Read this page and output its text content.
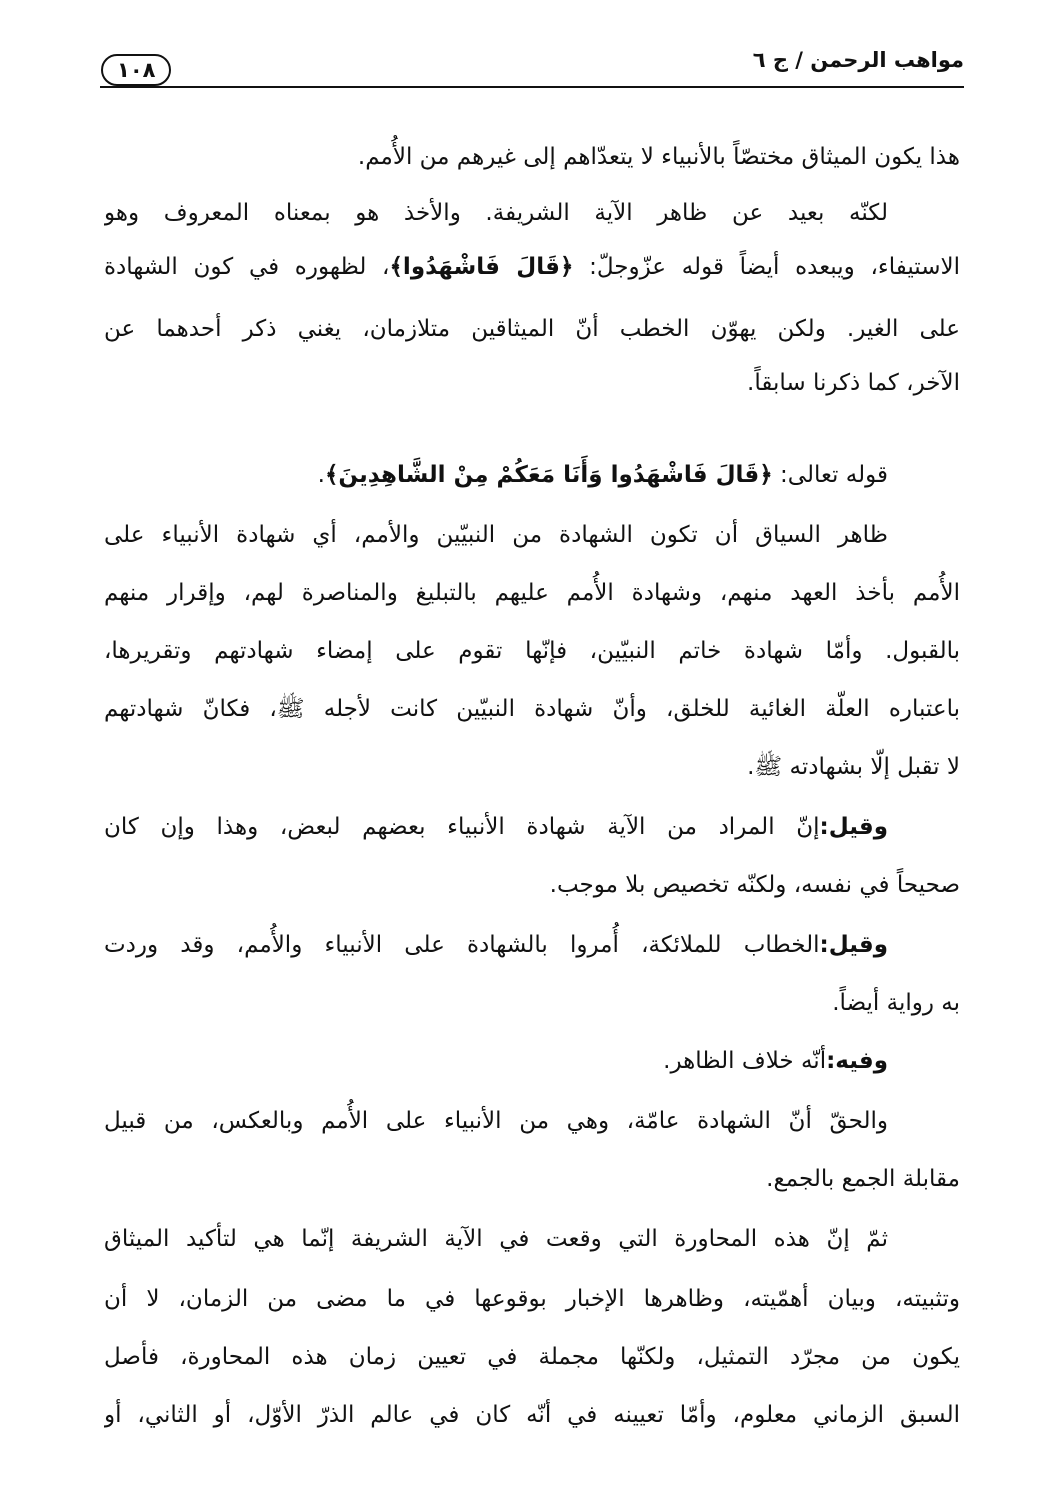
مواهب الرحمن / ج ٦
١٠٨
هذا يكون الميثاق مختصّاً بالأنبياء لا يتعدّاهم إلى غيرهم من الأُمم.
لكنّه بعيد عن ظاهر الآية الشريفة. والأخذ هو بمعناه المعروف وهو
الاستيفاء، ويبعده أيضاً قوله عزّوجلّ: ﴿قَالَ فَاشْهَدُوا﴾، لظهوره في كون الشهادة
على الغير. ولكن يهوّن الخطب أنّ الميثاقين متلازمان، يغني ذكر أحدهما عن
الآخر، كما ذكرنا سابقاً.
قوله تعالى: ﴿قَالَ فَاشْهَدُوا وَأَنَا مَعَكُمْ مِنْ الشَّاهِدِينَ﴾.
ظاهر السياق أن تكون الشهادة من النبيّين والأمم، أي شهادة الأنبياء على
الأُمم بأخذ العهد منهم، وشهادة الأُمم عليهم بالتبليغ والمناصرة لهم، وإقرار منهم
بالقبول. وأمّا شهادة خاتم النبيّين، فإنّها تقوم على إمضاء شهادتهم وتقريرها،
باعتباره العلّة الغائية للخلق، وأنّ شهادة النبيّين كانت لأجله ﷺ، فكانّ شهادتهم
لا تقبل إلّا بشهادته ﷺ.
وقيل:إنّ المراد من الآية شهادة الأنبياء بعضهم لبعض، وهذا وإن كان
صحيحاً في نفسه، ولكنّه تخصيص بلا موجب.
وقيل:الخطاب للملائكة، أُمروا بالشهادة على الأنبياء والأُمم، وقد وردت
به رواية أيضاً.
وفيه:أنّه خلاف الظاهر.
والحقّ أنّ الشهادة عامّة، وهي من الأنبياء على الأُمم وبالعكس، من قبيل
مقابلة الجمع بالجمع.
ثمّ إنّ هذه المحاورة التي وقعت في الآية الشريفة إنّما هي لتأكيد الميثاق
وتثبيته، وبيان أهمّيته، وظاهرها الإخبار بوقوعها في ما مضى من الزمان، لا أن
يكون من مجرّد التمثيل، ولكنّها مجملة في تعيين زمان هذه المحاورة، فأصل
السبق الزماني معلوم، وأمّا تعيينه في أنّه كان في عالم الذرّ الأوّل، أو الثاني، أو
